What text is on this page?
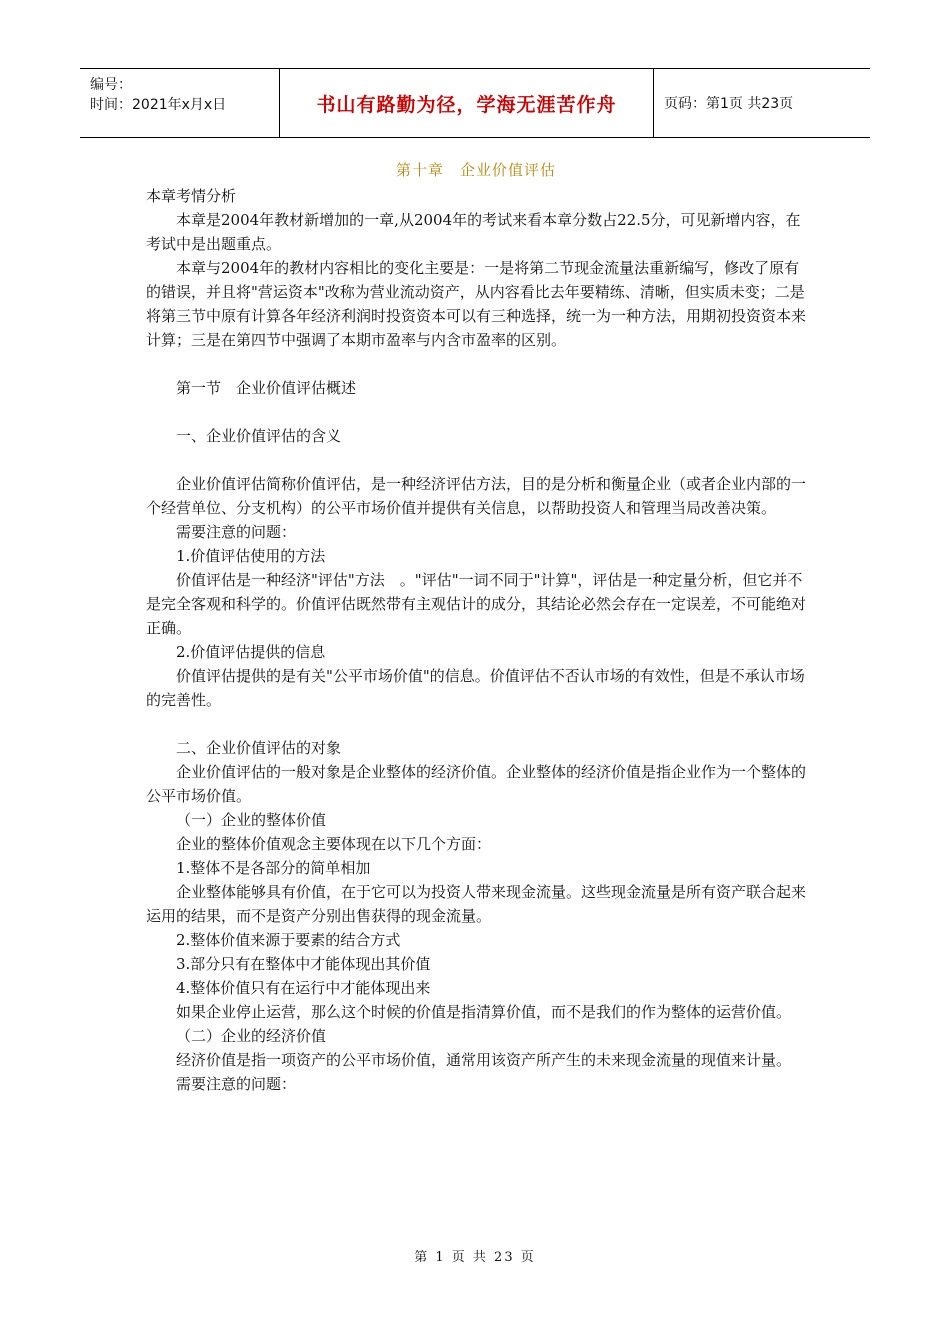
编号：
时间：2021年x月x日	书山有路勤为径，学海无涯苦作舟	页码：第1页 共23页
第十章　企业价值评估

本章考情分析

本章是2004年教材新增加的一章,从2004年的考试来看本章分数占22.5分，可见新增内容，在考试中是出题重点。

本章与2004年的教材内容相比的变化主要是：一是将第二节现金流量法重新编写，修改了原有的错误，并且将"营运资本"改称为营业流动资产，从内容看比去年要精练、清晰，但实质未变；二是将第三节中原有计算各年经济利润时投资资本可以有三种选择，统一为一种方法，用期初投资资本来计算；三是在第四节中强调了本期市盈率与内含市盈率的区别。

第一节　企业价值评估概述

一、企业价值评估的含义

企业价值评估简称价值评估，是一种经济评估方法，目的是分析和衡量企业（或者企业内部的一个经营单位、分支机构）的公平市场价值并提供有关信息，以帮助投资人和管理当局改善决策。

需要注意的问题：

1.价值评估使用的方法

价值评估是一种经济"评估"方法　。"评估"一词不同于"计算"，评估是一种定量分析，但它并不是完全客观和科学的。价值评估既然带有主观估计的成分，其结论必然会存在一定误差，不可能绝对正确。

2.价值评估提供的信息

价值评估提供的是有关"公平市场价值"的信息。价值评估不否认市场的有效性，但是不承认市场的完善性。

二、企业价值评估的对象

企业价值评估的一般对象是企业整体的经济价值。企业整体的经济价值是指企业作为一个整体的公平市场价值。

（一）企业的整体价值

企业的整体价值观念主要体现在以下几个方面：

1.整体不是各部分的简单相加

企业整体能够具有价值，在于它可以为投资人带来现金流量。这些现金流量是所有资产联合起来运用的结果，而不是资产分别出售获得的现金流量。

2.整体价值来源于要素的结合方式

3.部分只有在整体中才能体现出其价值

4.整体价值只有在运行中才能体现出来

如果企业停止运营，那么这个时候的价值是指清算价值，而不是我们的作为整体的运营价值。

（二）企业的经济价值

经济价值是指一项资产的公平市场价值，通常用该资产所产生的未来现金流量的现值来计量。

需要注意的问题：

第 1 页 共 23 页
